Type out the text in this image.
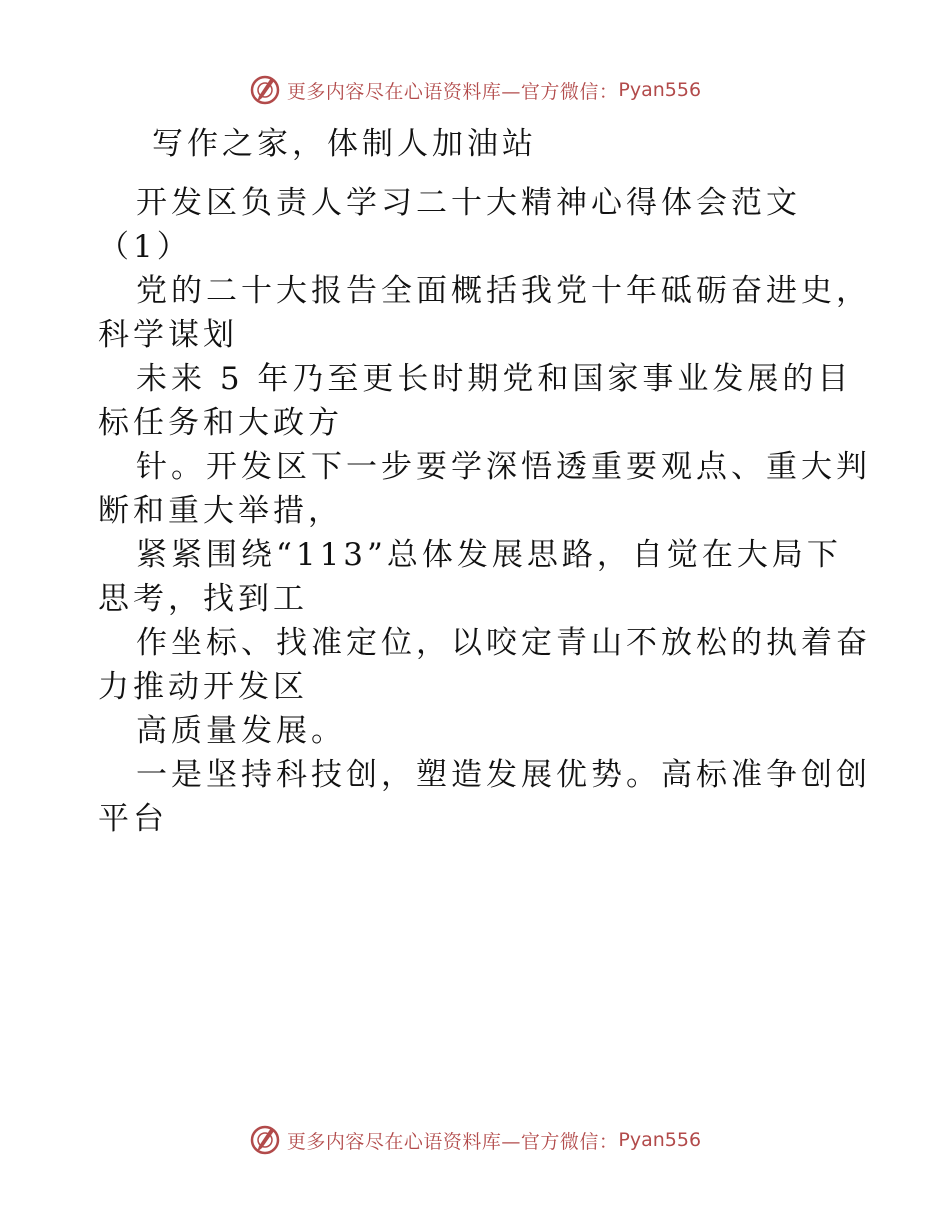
更多内容尽在心语资料库—官方微信： Pyan556
写作之家，体制人加油站
开发区负责人学习二十大精神心得体会范文
（1）
党的二十大报告全面概括我党十年砥砺奋进史，
科学谋划
未来 5 年乃至更长时期党和国家事业发展的目
标任务和大政方
针。开发区下一步要学深悟透重要观点、重大判
断和重大举措，
紧紧围绕“113”总体发展思路，自觉在大局下
思考，找到工
作坐标、找准定位，以咬定青山不放松的执着奋
力推动开发区
高质量发展。
一是坚持科技创，塑造发展优势。高标准争创创
平台
更多内容尽在心语资料库—官方微信： Pyan556
